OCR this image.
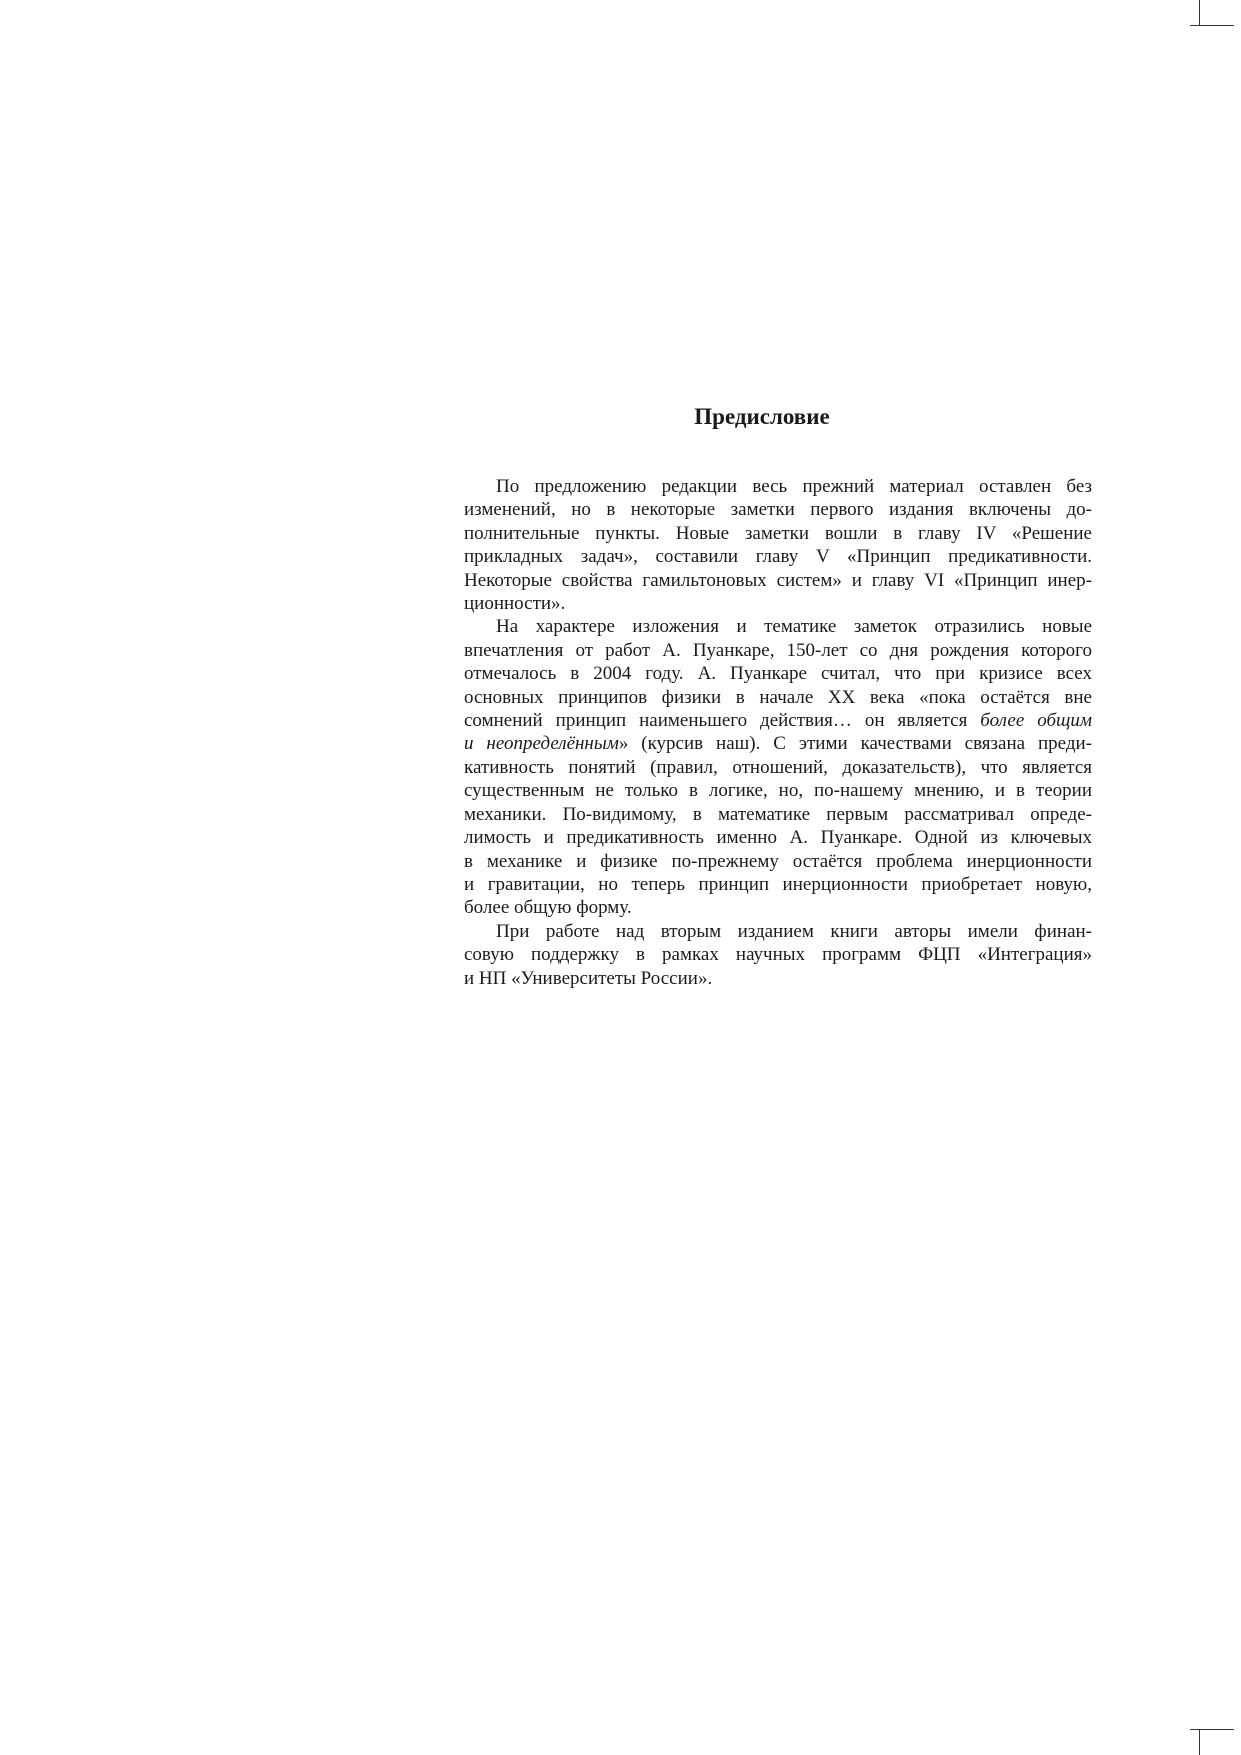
Предисловие

По предложению редакции весь прежний материал оставлен без
изменений, но в некоторые заметки первого издания включены до-
полнительные пункты. Новые заметки вошли в главу IV «Решение
прикладных задач», составили главу V «Принцип предикативности.
Некоторые свойства гамильтоновых систем» и главу VI «Принцип инер-
ционности».

На характере изложения и тематике заметок отразились новые
впечатления от работ А. Пуанкаре, 150-лет со дня рождения которого
отмечалось в 2004 году. А. Пуанкаре считал, что при кризисе всех
основных принципов физики в начале XX века «пока остаётся вне
сомнений принцип наименьшего действия… он является более общим
и неопределённым» (курсив наш). С этими качествами связана преди-
кативность понятий (правил, отношений, доказательств), что является
существенным не только в логике, но, по-нашему мнению, и в теории
механики. По-видимому, в математике первым рассматривал опреде-
лимость и предикативность именно А. Пуанкаре. Одной из ключевых
в механике и физике по-прежнему остаётся проблема инерционности
и гравитации, но теперь принцип инерционности приобретает новую,
более общую форму.

При работе над вторым изданием книги авторы имели финан-
совую поддержку в рамках научных программ ФЦП «Интеграция»
и НП «Университеты России».
